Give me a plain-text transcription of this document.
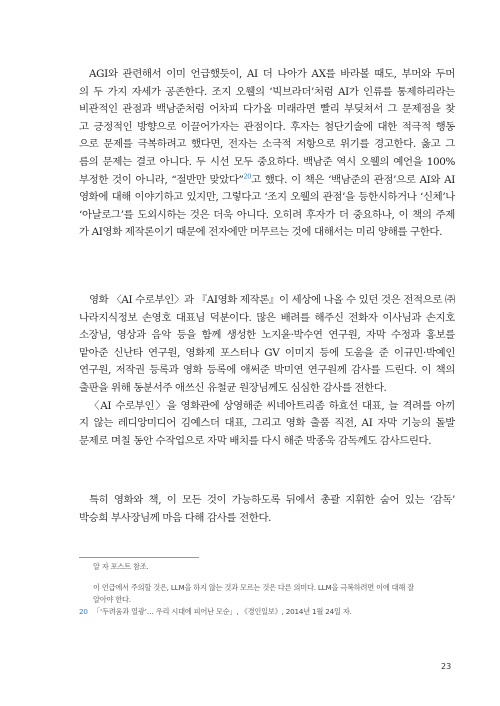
AGI와 관련해서 이미 언급했듯이, AI 더 나아가 AX를 바라볼 때도, 부머와 두머

의 두 가지 자세가 공존한다. 조지 오웰의 ‘빅브라더’처럼 AI가 인류를 통제하리라는

비관적인 관점과 백남준처럼 어차피 다가올 미래라면 빨리 부딪쳐서 그 문제점을 찾

고 긍정적인 방향으로 이끌어가자는 관점이다. 후자는 첨단기술에 대한 적극적 행동

으로 문제를 극복하려고 했다면, 전자는 소극적 저항으로 위기를 경고한다. 옳고 그

름의 문제는 결코 아니다. 두 시선 모두 중요하다. 백남준 역시 오웰의 예언을 100%

부정한 것이 아니라, “절반만 맞았다”$^{20}$고 했다. 이 책은 ‘백남준의 관점’으로 AI와 AI

영화에 대해 이야기하고 있지만, 그렇다고 ‘조지 오웰의 관점’을 등한시하거나 ‘신체’나

‘아날로그’를 도외시하는 것은 더욱 아니다. 오히려 후자가 더 중요하나, 이 책의 주제

가 AI영화 제작론이기 때문에 전자에만 머무르는 것에 대해서는 미리 양해를 구한다.

영화 〈AI 수로부인〉과 『AI영화 제작론』이 세상에 나올 수 있던 것은 전적으로 ㈜

나라지식정보 손영호 대표님 덕분이다. 많은 배려를 해주신 전화자 이사님과 손지호

소장님, 영상과 음악 등을 함께 생성한 노지윤·박수연 연구원, 자막 수정과 홍보를

맡아준 신난타 연구원, 영화제 포스터나 GV 이미지 등에 도움을 준 이규민·박예인

연구원, 저작권 등록과 영화 등록에 애써준 박미연 연구원께 감사를 드린다. 이 책의

출판을 위해 동분서주 애쓰신 유철균 원장님께도 심심한 감사를 전한다.

〈AI 수로부인〉을 영화관에 상영해준 씨네아트리좀 하효선 대표, 늘 격려를 아끼

지 않는 레디앙미디어 김예스더 대표, 그리고 영화 출품 직전, AI 자막 기능의 돌발

문제로 며칠 동안 수작업으로 자막 배치를 다시 해준 박종욱 감독께도 감사드린다.

특히 영화와 책, 이 모든 것이 가능하도록 뒤에서 총괄 지휘한 숨어 있는 ‘감독’

박승희 부사장님께 마음 다해 감사를 전한다.

알 자 포스트 참조.
이 언급에서 주의할 것은, LLM을 하지 않는 것과 모르는 것은 다른 의미다. LLM을 극복하려면 이에 대해 잘
알아야 한다.
20 「‘두려움과 열광’… 우리 시대에 피어난 모순」, 《경인일보》, 2014년 1월 24일 자.
23
